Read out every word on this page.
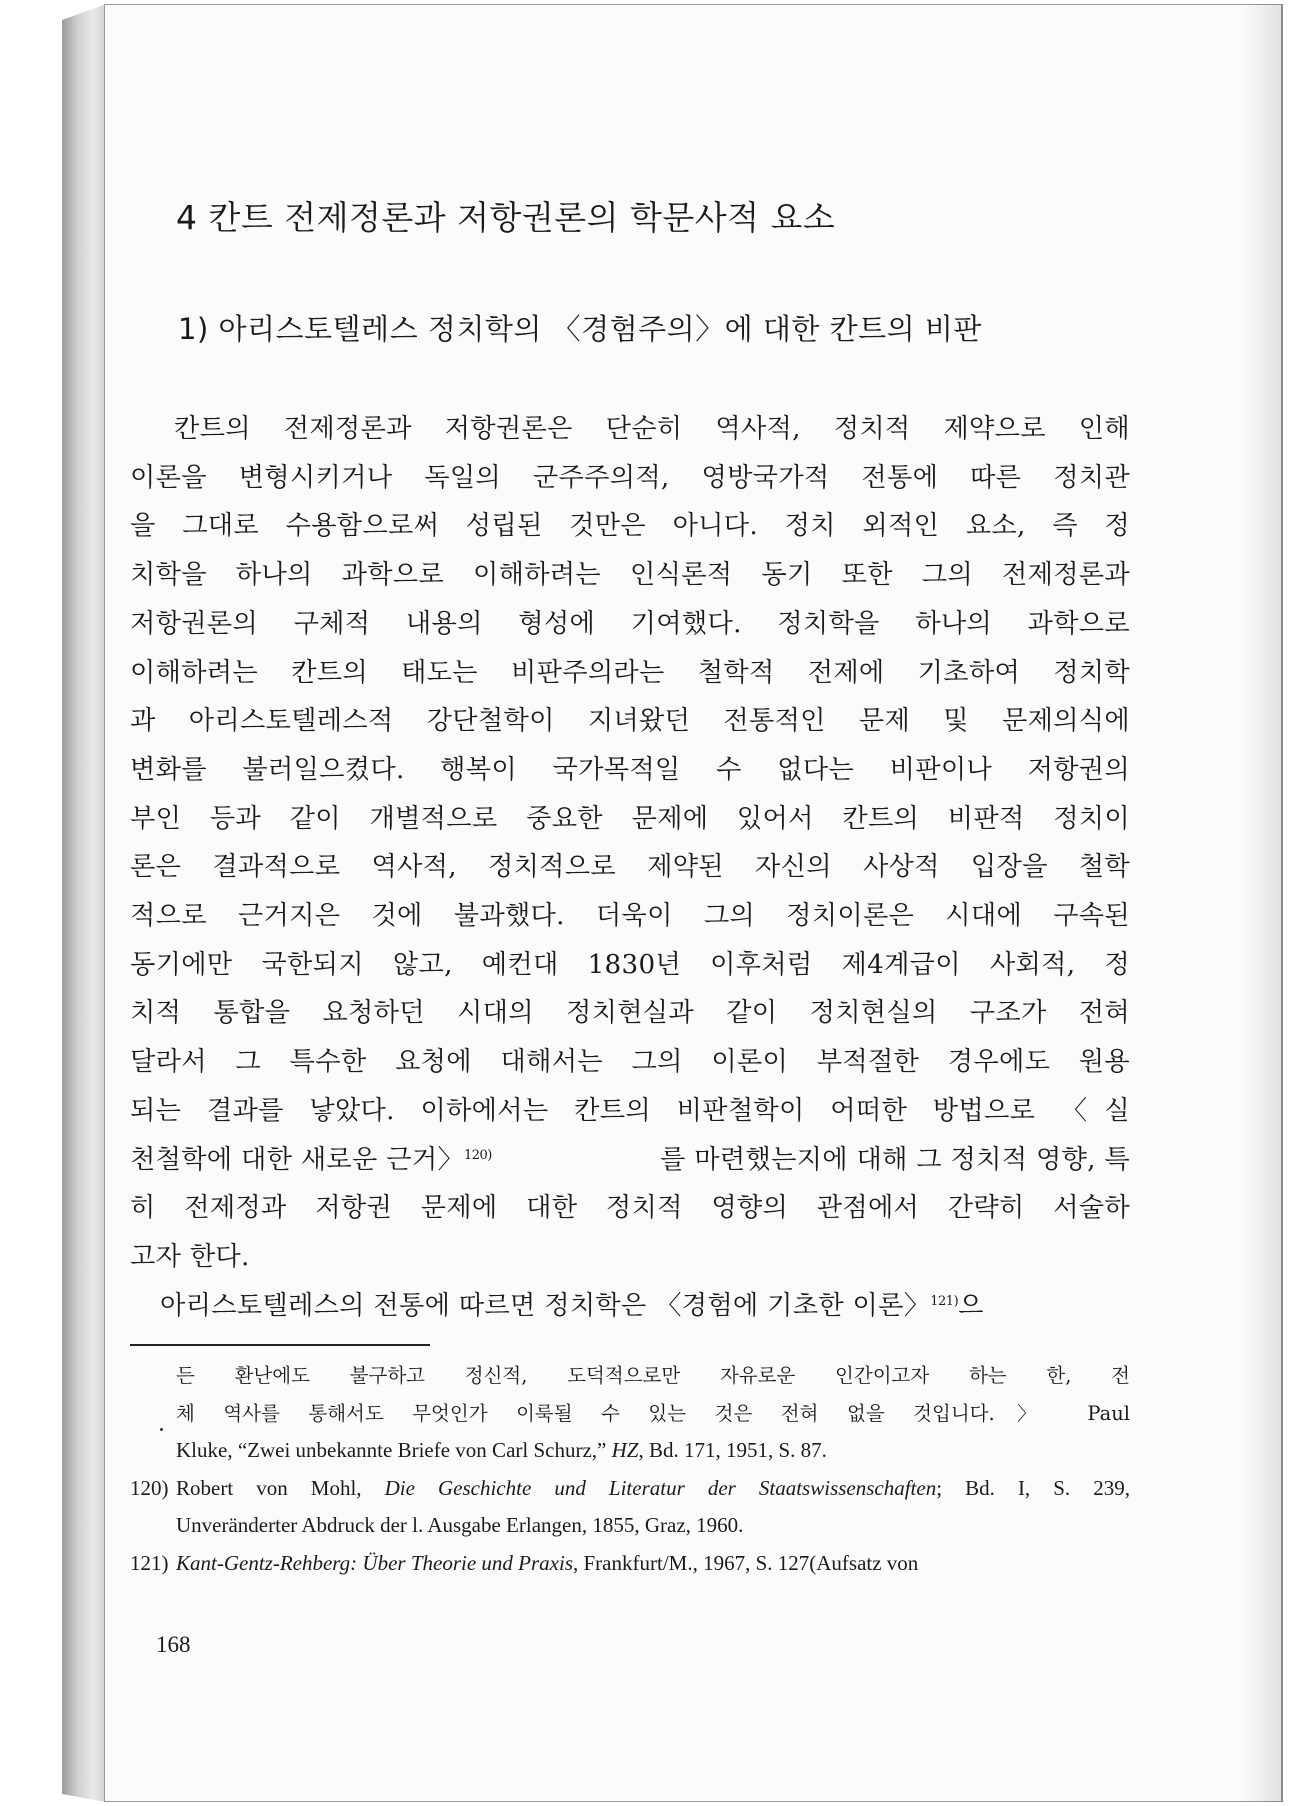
4 칸트 전제정론과 저항권론의 학문사적 요소
1) 아리스토텔레스 정치학의 〈경험주의〉에 대한 칸트의 비판
칸트의 전제정론과 저항권론은 단순히 역사적, 정치적 제약으로 인해
이론을 변형시키거나 독일의 군주주의적, 영방국가적 전통에 따른 정치관
을 그대로 수용함으로써 성립된 것만은 아니다. 정치 외적인 요소, 즉 정
치학을 하나의 과학으로 이해하려는 인식론적 동기 또한 그의 전제정론과
저항권론의 구체적 내용의 형성에 기여했다. 정치학을 하나의 과학으로
이해하려는 칸트의 태도는 비판주의라는 철학적 전제에 기초하여 정치학
과 아리스토텔레스적 강단철학이 지녀왔던 전통적인 문제 및 문제의식에
변화를 불러일으켰다. 행복이 국가목적일 수 없다는 비판이나 저항권의
부인 등과 같이 개별적으로 중요한 문제에 있어서 칸트의 비판적 정치이
론은 결과적으로 역사적, 정치적으로 제약된 자신의 사상적 입장을 철학
적으로 근거지은 것에 불과했다. 더욱이 그의 정치이론은 시대에 구속된
동기에만 국한되지 않고, 예컨대 1830년 이후처럼 제4계급이 사회적, 정
치적 통합을 요청하던 시대의 정치현실과 같이 정치현실의 구조가 전혀
달라서 그 특수한 요청에 대해서는 그의 이론이 부적절한 경우에도 원용
되는 결과를 낳았다. 이하에서는 칸트의 비판철학이 어떠한 방법으로 〈실
천철학에 대한 새로운 근거〉$^{120)}$	를 마련했는지에 대해 그 정치적 영향, 특
히 전제정과 저항권 문제에 대한 정치적 영향의 관점에서 간략히 서술하
고자 한다.
아리스토텔레스의 전통에 따르면 정치학은 〈경험에 기초한 이론〉$^{121)}$으
든 환난에도 불구하고 정신적, 도덕적으로만 자유로운 인간이고자 하는 한, 전
체 역사를 통해서도 무엇인가 이룩될 수 있는 것은 전혀 없을 것입니다.〉 Paul
Kluke, “Zwei unbekannte Briefe von Carl Schurz,” HZ, Bd. 171, 1951, S. 87.
120) Robert von Mohl, Die Geschichte und Literatur der Staatswissenschaften; Bd. I, S. 239,
Unveränderter Abdruck der l. Ausgabe Erlangen, 1855, Graz, 1960.
121) Kant-Gentz-Rehberg: Über Theorie und Praxis, Frankfurt/M., 1967, S. 127(Aufsatz von
168
